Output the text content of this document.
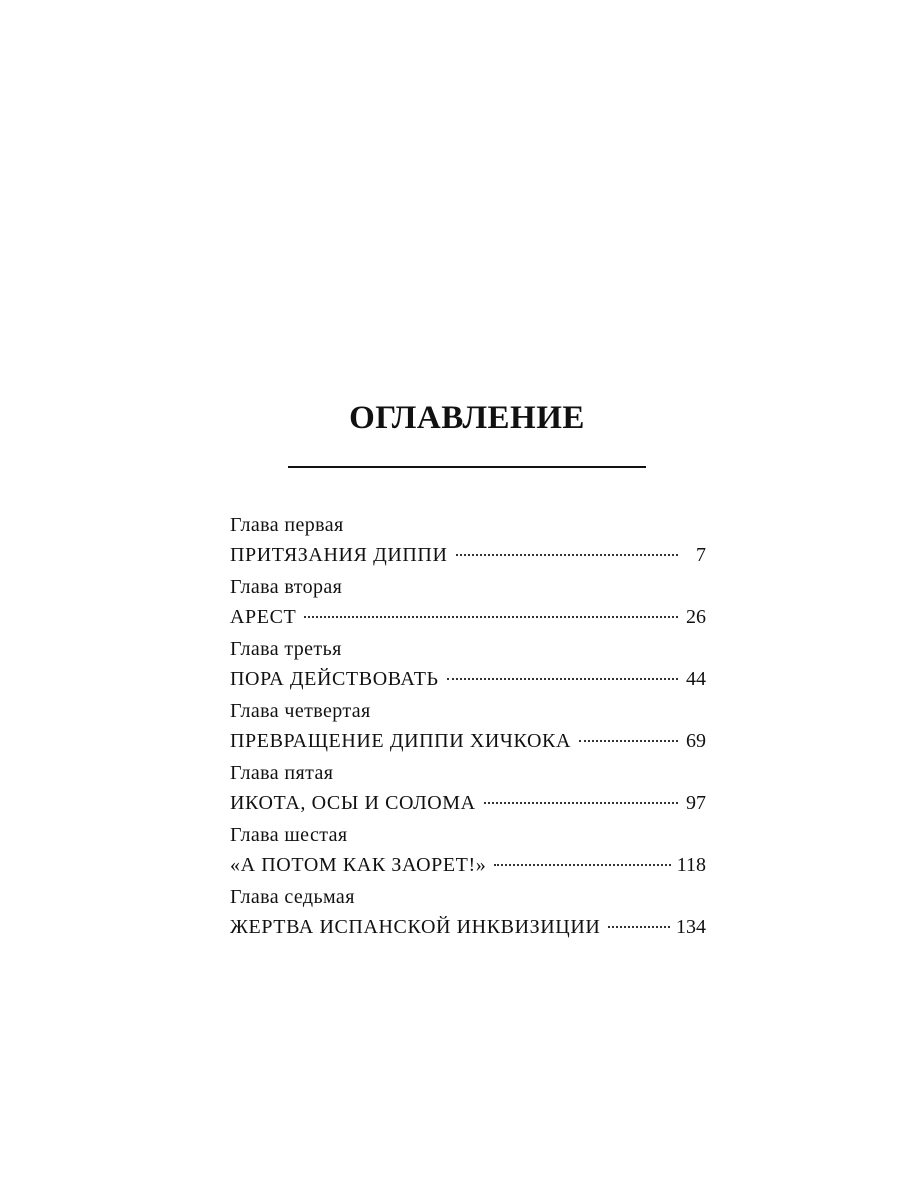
ОГЛАВЛЕНИЕ
Глава первая
ПРИТЯЗАНИЯ ДИППИ	7
Глава вторая
АРЕСТ	26
Глава третья
ПОРА ДЕЙСТВОВАТЬ	44
Глава четвертая
ПРЕВРАЩЕНИЕ ДИППИ ХИЧКОКА	69
Глава пятая
ИКОТА, ОСЫ И СОЛОМА	97
Глава шестая
«А ПОТОМ КАК ЗАОРЕТ!»	118
Глава седьмая
ЖЕРТВА ИСПАНСКОЙ ИНКВИЗИЦИИ	134
